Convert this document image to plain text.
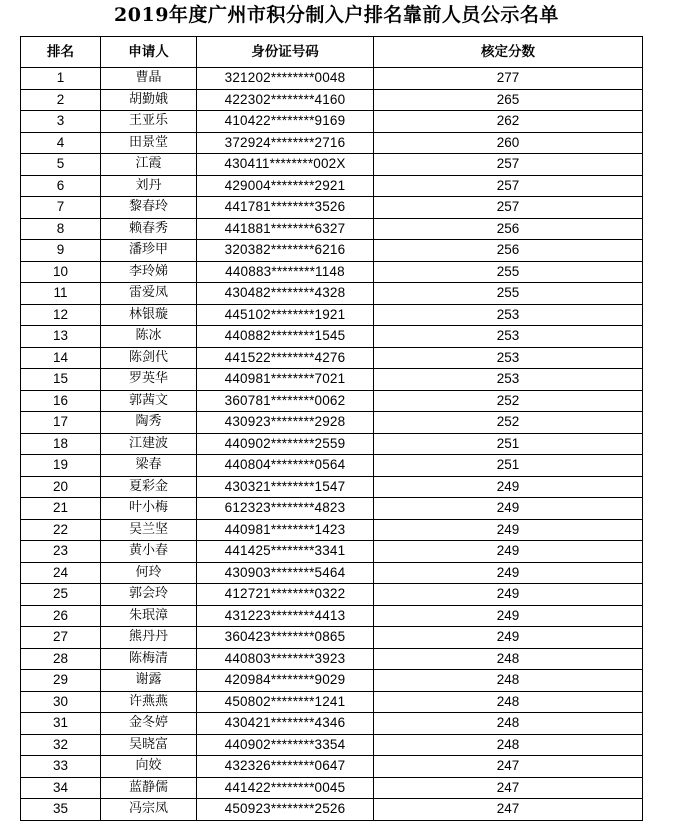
2019年度广州市积分制入户排名靠前人员公示名单
排名	申请人	身份证号码	核定分数
1	曹晶	321202********0048	277
2	胡勤娥	422302********4160	265
3	王亚乐	410422********9169	262
4	田景堂	372924********2716	260
5	江霞	430411********002X	257
6	刘丹	429004********2921	257
7	黎春玲	441781********3526	257
8	赖春秀	441881********6327	256
9	潘珍甲	320382********6216	256
10	李玲娣	440883********1148	255
11	雷爱凤	430482********4328	255
12	林银璇	445102********1921	253
13	陈冰	440882********1545	253
14	陈剑代	441522********4276	253
15	罗英华	440981********7021	253
16	郭茜文	360781********0062	252
17	陶秀	430923********2928	252
18	江建波	440902********2559	251
19	梁春	440804********0564	251
20	夏彩金	430321********1547	249
21	叶小梅	612323********4823	249
22	吴兰坚	440981********1423	249
23	黄小春	441425********3341	249
24	何玲	430903********5464	249
25	郭会玲	412721********0322	249
26	朱珉漳	431223********4413	249
27	熊丹丹	360423********0865	249
28	陈梅清	440803********3923	248
29	谢露	420984********9029	248
30	许燕燕	450802********1241	248
31	金冬婷	430421********4346	248
32	吴晓富	440902********3354	248
33	向姣	432326********0647	247
34	蓝静儒	441422********0045	247
35	冯宗凤	450923********2526	247
